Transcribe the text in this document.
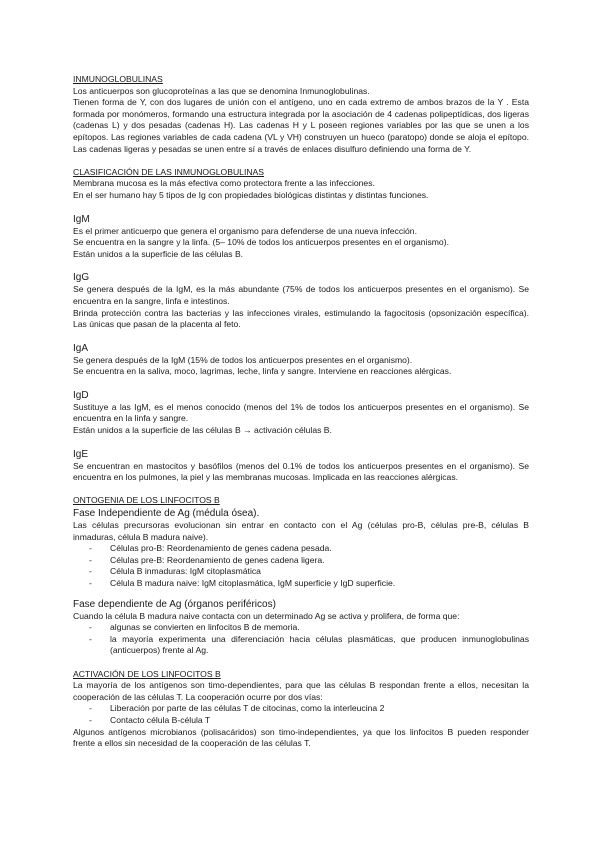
INMUNOGLOBULINAS

Los anticuerpos son glucoproteínas a las que se denomina Inmunoglobulinas.

Tienen forma de Y, con dos lugares de unión con el antígeno, uno en cada extremo de ambos brazos de la Y . Esta formada por monómeros, formando una estructura integrada por la asociación de 4 cadenas polipeptídicas, dos ligeras (cadenas L) y dos pesadas (cadenas H). Las cadenas H y L poseen regiones variables por las que se unen a los epítopos. Las regiones variables de cada cadena (VL y VH) construyen un hueco (paratopo) donde se aloja el epítopo. Las cadenas ligeras y pesadas se unen entre sí a través de enlaces disulfuro definiendo una forma de Y.

CLASIFICACIÓN DE LAS INMUNOGLOBULINAS

Membrana mucosa es la más efectiva como protectora frente a las infecciones.

En el ser humano hay 5 tipos de Ig con propiedades biológicas distintas y distintas funciones.

IgM

Es el primer anticuerpo que genera el organismo para defenderse de una nueva infección.

Se encuentra en la sangre y la linfa. (5– 10% de todos los anticuerpos presentes en el organismo).

Están unidos a la superficie de las células B.

IgG

Se genera después de la IgM, es la más abundante (75% de todos los anticuerpos presentes en el organismo). Se encuentra en la sangre, linfa e intestinos.

Brinda protección contra las bacterias y las infecciones virales, estimulando la fagocitosis (opsonización específica). Las únicas que pasan de la placenta al feto.

IgA

Se genera después de la IgM (15% de todos los anticuerpos presentes en el organismo).

Se encuentra en la saliva, moco, lagrimas, leche, linfa y sangre. Interviene en reacciones alérgicas.

IgD

Sustituye a las IgM, es el menos conocido (menos del 1% de todos los anticuerpos presentes en el organismo). Se encuentra en la linfa y sangre.

Están unidos a la superficie de las células B → activación células B.

IgE

Se encuentran en mastocitos y basófilos (menos del 0.1% de todos los anticuerpos presentes en el organismo). Se encuentra en los pulmones, la piel y las membranas mucosas. Implicada en las reacciones alérgicas.

ONTOGENIA DE LOS LINFOCITOS B

Fase Independiente de Ag (médula ósea).

Las células precursoras evolucionan sin entrar en contacto con el Ag (células pro-B, células pre-B, células B inmaduras, célula B madura naive).

- Células pro-B: Reordenamiento de genes cadena pesada.
- Células pre-B: Reordenamiento de genes cadena ligera.
- Célula B inmaduras: IgM citoplasmática
- Célula B madura naive: IgM citoplasmática, IgM superficie y IgD superficie.
Fase dependiente de Ag (órganos periféricos)

Cuando la célula B madura naive contacta con un determinado Ag se activa y prolifera, de forma que:

- algunas se convierten en linfocitos B de memoria.
- la mayoría experimenta una diferenciación hacia células plasmáticas, que producen inmunoglobulinas (anticuerpos) frente al Ag.

ACTIVACIÓN DE LOS LINFOCITOS B

La mayoría de los antígenos son timo-dependientes, para que las células B respondan frente a ellos, necesitan la cooperación de las células T. La cooperación ocurre por dos vías:

- Liberación por parte de las células T de citocinas, como la interleucina 2
- Contacto célula B-célula T

Algunos antígenos microbianos (polisacáridos) son timo-independientes, ya que los linfocitos B pueden responder frente a ellos sin necesidad de la cooperación de las células T.
